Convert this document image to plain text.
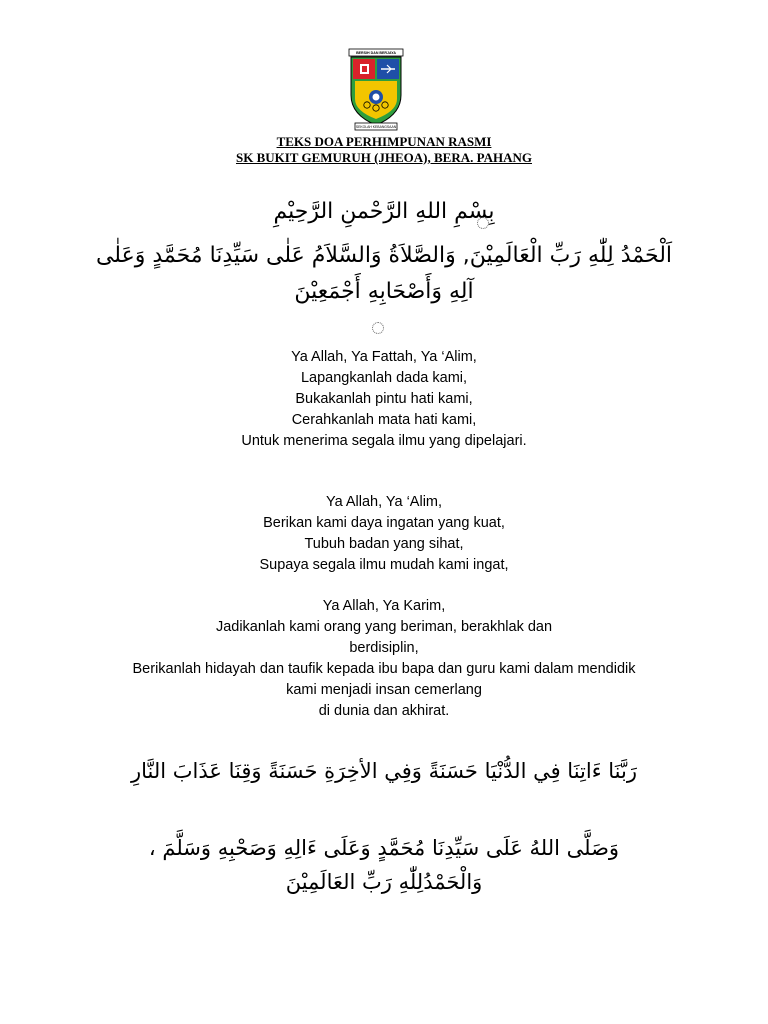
BERSIH DAN BERJAYA
SEKOLAH KEBANGSAAN
TEKS DOA PERHIMPUNAN RASMI
SK BUKIT GEMURUH (JHEOA), BERA. PAHANG
بِسْمِ اللهِ الرَّحْمنِ الرَّحِيْمِ
اَلْحَمْدُ لِلّٰهِ رَبِّ الْعَالَمِيْنَ, وَالصَّلاَةُ وَالسَّلاَمُ عَلٰى سَيِّدِنَا مُحَمَّدٍ وَعَلٰى
آلِهِ وَأَصْحَابِهِ أَجْمَعِيْنَ
Ya Allah, Ya Fattah, Ya ‘Alim,
Lapangkanlah dada kami,
Bukakanlah pintu hati kami,
Cerahkanlah mata hati kami,
Untuk menerima segala ilmu yang dipelajari.
Ya Allah, Ya ‘Alim,
Berikan kami daya ingatan yang kuat,
Tubuh badan yang sihat,
Supaya segala ilmu mudah kami ingat,
Ya Allah, Ya Karim,
Jadikanlah kami orang yang beriman, berakhlak dan
berdisiplin,
Berikanlah hidayah dan taufik kepada ibu bapa dan guru kami dalam mendidik
kami menjadi insan cemerlang
di dunia dan akhirat.
رَبَّنَا ءَاتِنَا فِي الدُّنْيَا حَسَنَةً وَفِي الأخِرَةِ حَسَنَةً وَقِنَا عَذَابَ النَّارِ
وَصَلَّى اللهُ عَلَى سَيِّدِنَا مُحَمَّدٍ وَعَلَى ءَالِهِ وَصَحْبِهِ وَسَلَّمَ ،
وَالْحَمْدُلِلّٰهِ رَبِّ العَالَمِيْنَ
